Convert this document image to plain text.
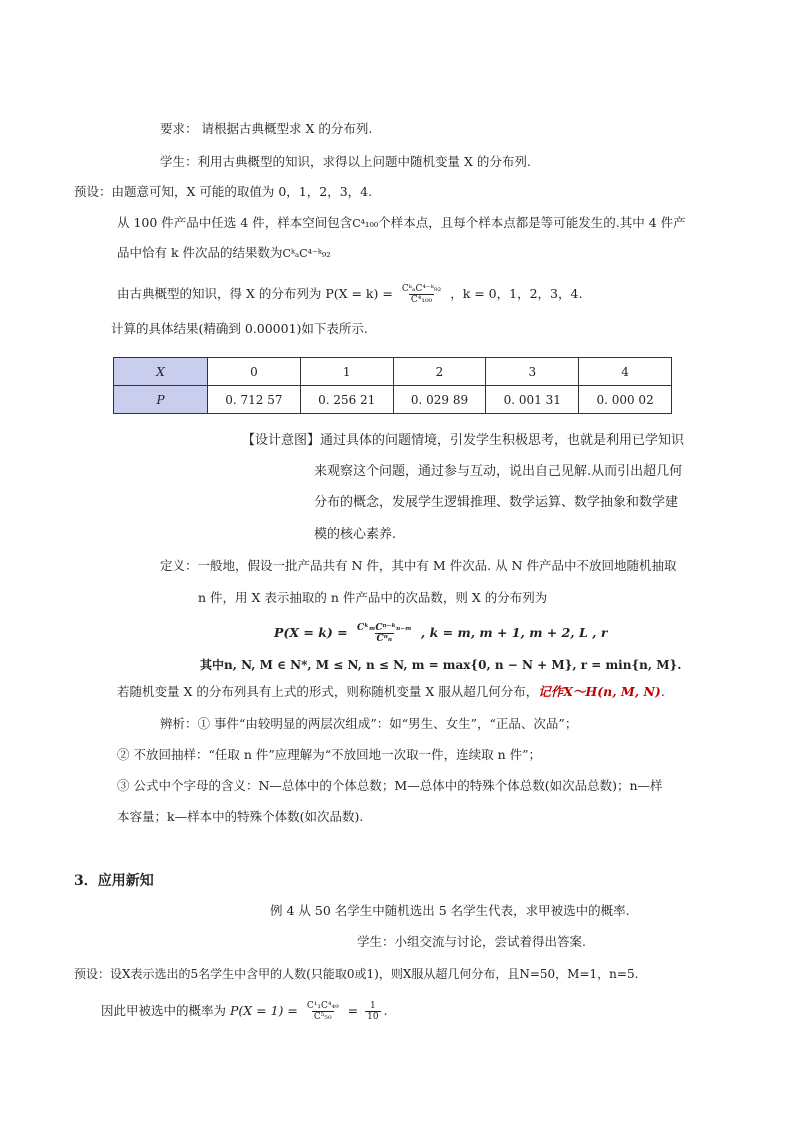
要求： 请根据古典概型求 X 的分布列.
学生：利用古典概型的知识，求得以上问题中随机变量 X 的分布列.
预设：由题意可知，X 可能的取值为 0，1，2，3，4.
从 100 件产品中任选 4 件，样本空间包含C⁴₁₀₀个样本点，且每个样本点都是等可能发生的.其中 4 件产
品中恰有 k 件次品的结果数为CᵏₐC⁴⁻ᵏ₉₂
由古典概型的知识，得 X 的分布列为 $P(X = k) = \frac{\text{CᵏₐC⁴⁻ᵏ₉₂}}{\text{C⁴₁₀₀}}$ ，k = 0，1，2，3，4.
计算的具体结果(精确到 0.00001)如下表所示.
X	0	1	2	3	4
P	0. 712 57	0. 256 21	0. 029 89	0. 001 31	0. 000 02
【设计意图】通过具体的问题情境，引发学生积极思考，也就是利用已学知识
来观察这个问题，通过参与互动，说出自己见解.从而引出超几何
分布的概念，发展学生逻辑推理、数学运算、数学抽象和数学建
模的核心素养.
定义：一般地，假设一批产品共有 N 件，其中有 M 件次品. 从 N 件产品中不放回地随机抽取
n 件，用 X 表示抽取的 n 件产品中的次品数，则 X 的分布列为
$P(X = k) = \frac{\text{CᵏₘCⁿ⁻ᵏₙ₋ₘ}}{\text{Cⁿₙ}}$ , k = m, m + 1, m + 2, L , r
其中n, N, M ∈ N*, M ≤ N, n ≤ N, m = max{0, n − N + M}, r = min{n, M}.
若随机变量 X 的分布列具有上式的形式，则称随机变量 X 服从超几何分布，记作X～H(n, M, N).
辨析：① 事件“由较明显的两层次组成”：如“男生、女生”，“正品、次品”；
② 不放回抽样：“任取 n 件”应理解为“不放回地一次取一件，连续取 n 件”；
③ 公式中个字母的含义：N—总体中的个体总数；M—总体中的特殊个体总数(如次品总数)；n—样
本容量；k—样本中的特殊个体数(如次品数).
3．应用新知
例 4 从 50 名学生中随机选出 5 名学生代表，求甲被选中的概率.
学生：小组交流与讨论，尝试着得出答案.
预设：设X表示选出的5名学生中含甲的人数(只能取0或1)，则X服从超几何分布，且N=50，M=1，n=5.
因此甲被选中的概率为 $P(X = 1) = \frac{\text{C¹₁C⁴₄₉}}{\text{C⁵₅₀}} = \frac{1}{10}$ .
